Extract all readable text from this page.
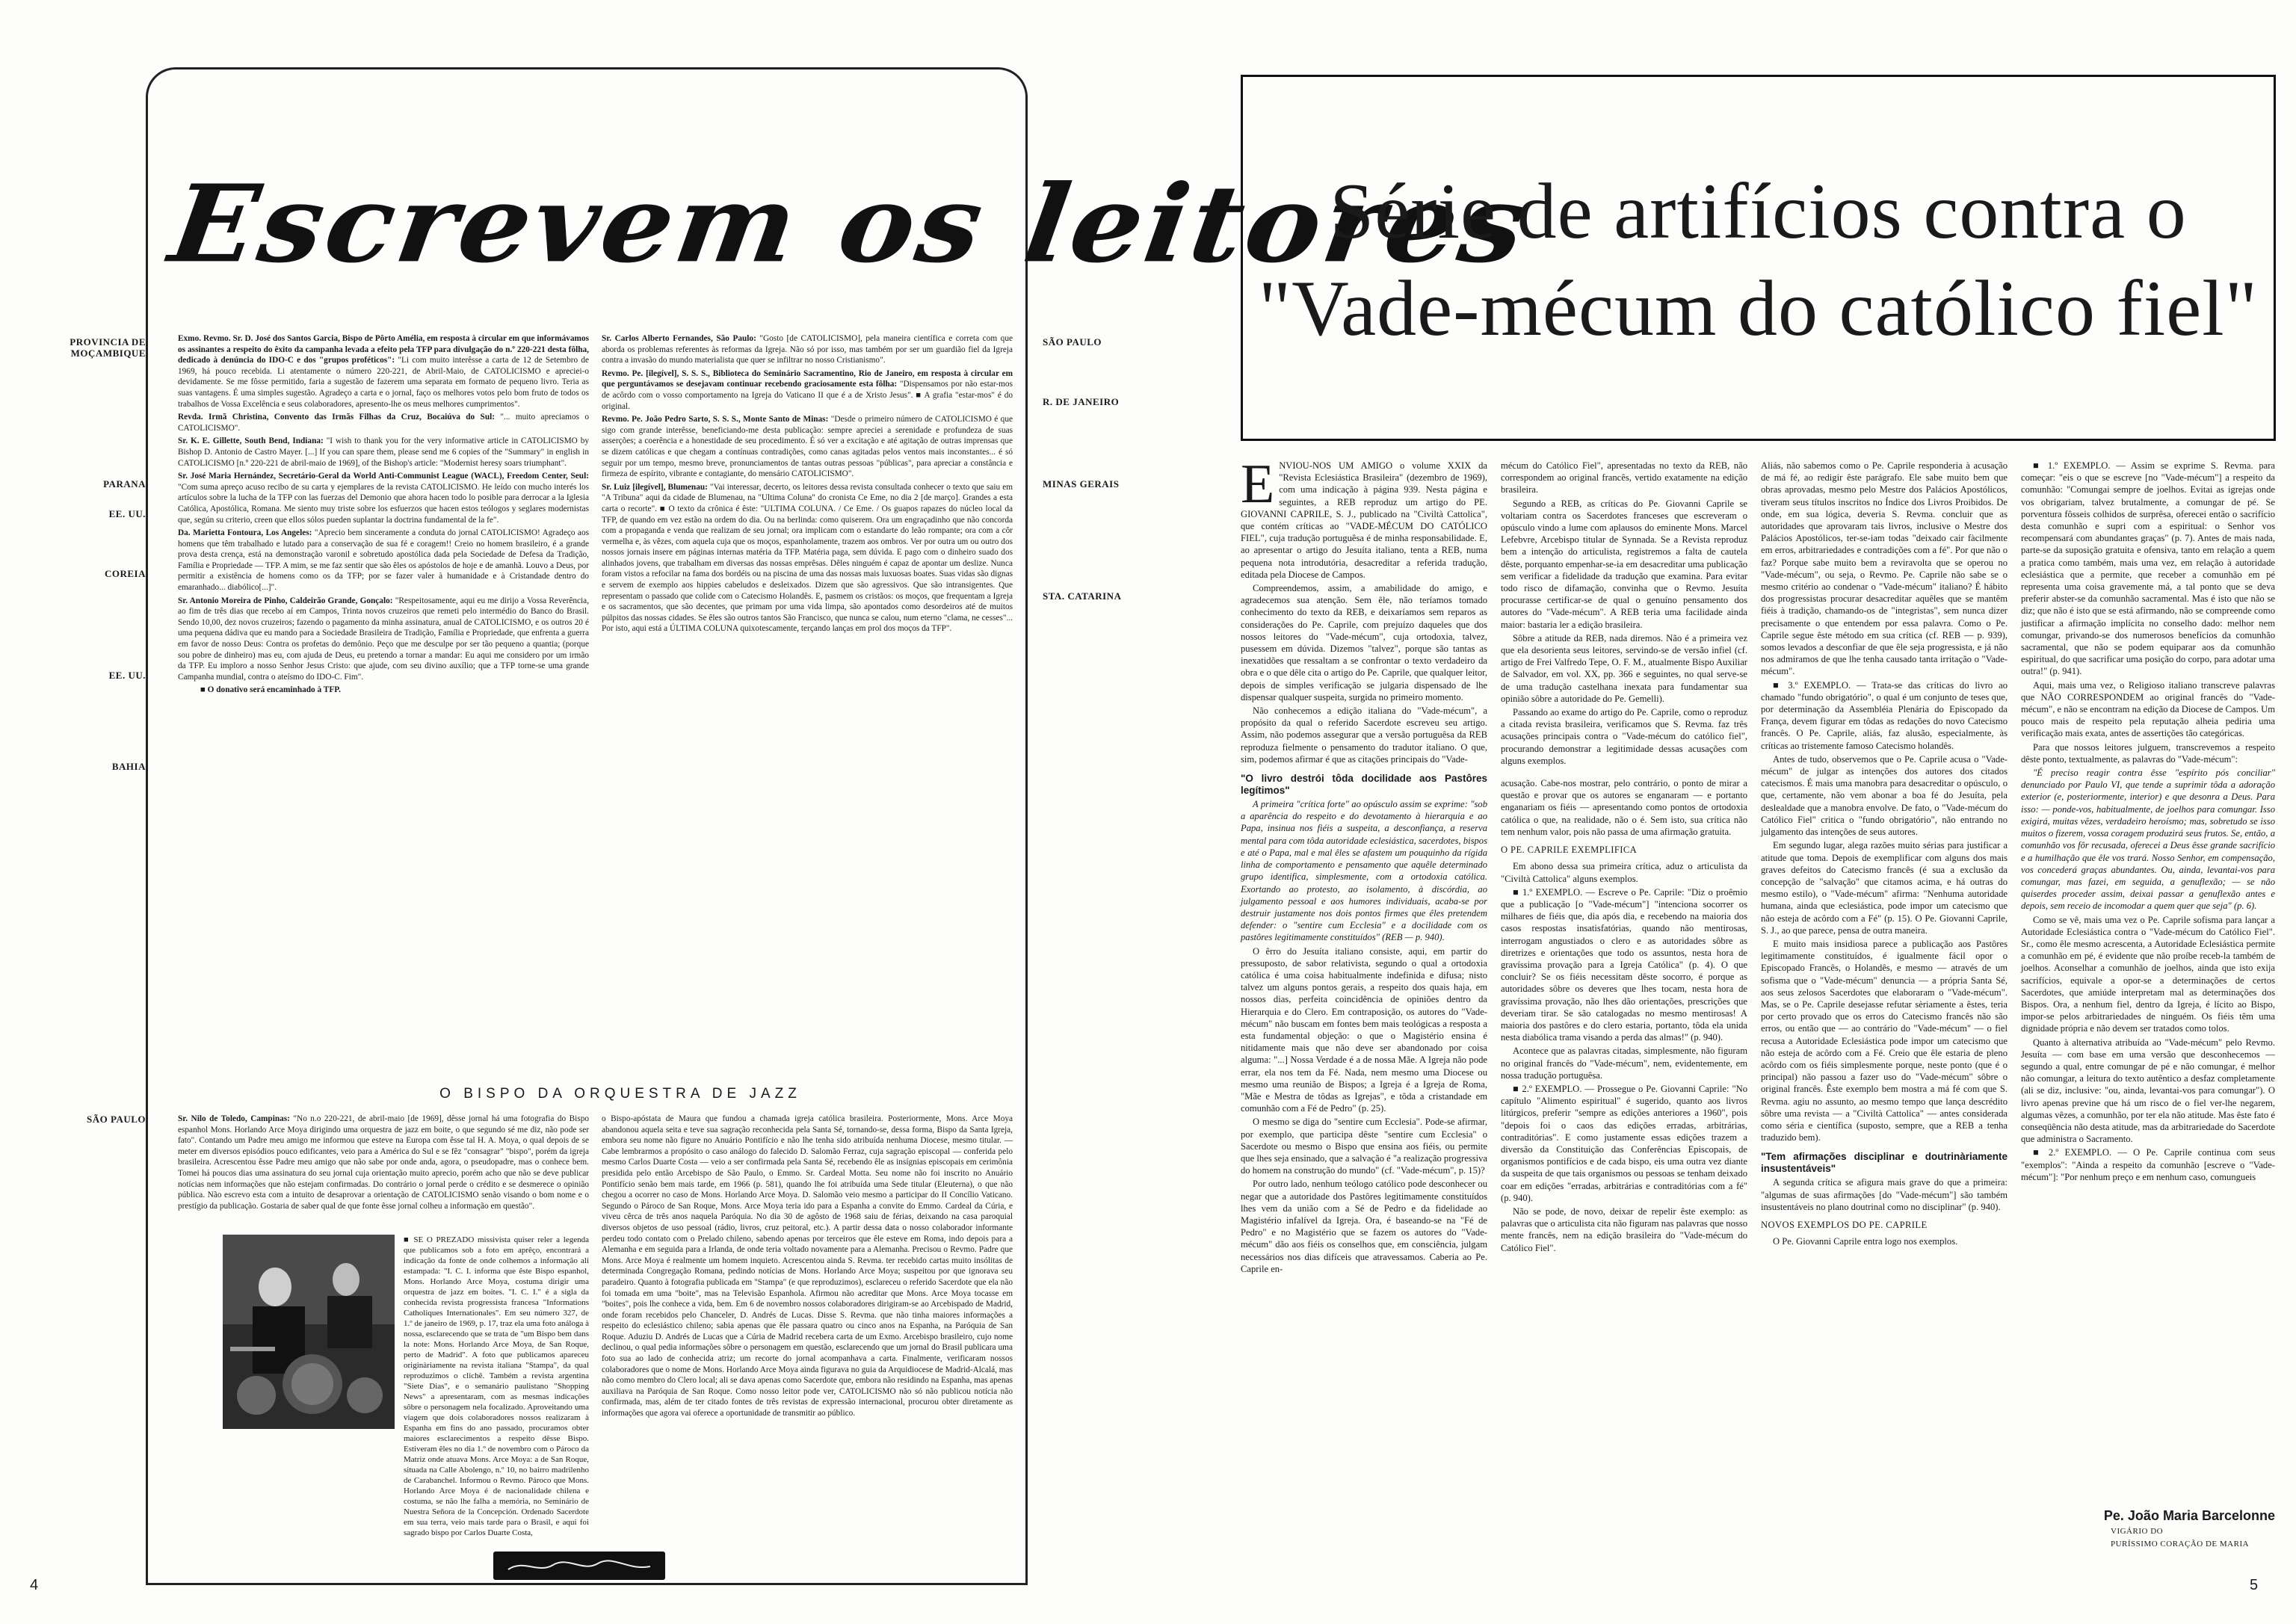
Escrevem os leitores
PROVINCIA DE MOÇAMBIQUE
PARANA
EE. UU.
COREIA
EE. UU.
BAHIA
SÃO PAULO
SÃO PAULO
R. DE JANEIRO
MINAS GERAIS
STA. CATARINA

Exmo. Revmo. Sr. D. José dos Santos Garcia, Bispo de Pôrto Amélia, em resposta à circular em que informávamos os assinantes a respeito do êxito da campanha levada a efeito pela TFP para divulgação do n.º 220-221 desta fôlha, dedicado à denúncia do IDO-C e dos "grupos proféticos": "Li com muito interêsse a carta de 12 de Setembro de 1969, há pouco recebida. Li atentamente o número 220-221, de Abril-Maio, de CATOLICISMO e apreciei-o devidamente. Se me fôsse permitido, faria a sugestão de fazerem uma separata em formato de pequeno livro. Teria as suas vantagens. É uma simples sugestão. Agradeço a carta e o jornal, faço os melhores votos pelo bom fruto de todos os trabalhos de Vossa Excelência e seus colaboradores, apresento-lhe os meus melhores cumprimentos".

Revda. Irmã Christina, Convento das Irmãs Filhas da Cruz, Bocaiúva do Sul: "... muito apreciamos o CATOLICISMO".

Sr. K. E. Gillette, South Bend, Indiana: "I wish to thank you for the very informative article in CATOLICISMO by Bishop D. Antonio de Castro Mayer. [...] If you can spare them, please send me 6 copies of the "Summary" in english in CATOLICISMO [n.º 220-221 de abril-maio de 1969], of the Bishop's article: "Modernist heresy soars triumphant".

Sr. José Maria Hernández, Secretário-Geral da World Anti-Communist League (WACL), Freedom Center, Seul: "Com suma apreço acuso recibo de su carta y ejemplares de la revista CATOLICISMO. He leído con mucho interés los artículos sobre la lucha de la TFP con las fuerzas del Demonio que ahora hacen todo lo posible para derrocar a la Iglesia Católica, Apostólica, Romana. Me siento muy triste sobre los esfuerzos que hacen estos teólogos y seglares modernistas que, según su criterio, creen que ellos sólos pueden suplantar la doctrina fundamental de la fe".

Da. Marietta Fontoura, Los Angeles: "Aprecio bem sinceramente a conduta do jornal CATOLICISMO! Agradeço aos homens que têm trabalhado e lutado para a conservação de sua fé e coragem!! Creio no homem brasileiro, é a grande prova desta crença, está na demonstração varonil e sobretudo apostólica dada pela Sociedade de Defesa da Tradição, Família e Propriedade — TFP. A mim, se me faz sentir que são êles os apóstolos de hoje e de amanhã. Louvo a Deus, por permitir a existência de homens como os da TFP; por se fazer valer à humanidade e à Cristandade dentro do emaranhado... diabólico[...]".

Sr. Antonio Moreira de Pinho, Caldeirão Grande, Gonçalo: "Respeitosamente, aqui eu me dirijo a Vossa Reverência, ao fim de três dias que recebo aí em Campos, Trinta novos cruzeiros que remeti pelo intermédio do Banco do Brasil. Sendo 10,00, dez novos cruzeiros; fazendo o pagamento da minha assinatura, anual de CATOLICISMO, e os outros 20 é uma pequena dádiva que eu mando para a Sociedade Brasileira de Tradição, Família e Propriedade, que enfrenta a guerra em favor de nosso Deus: Contra os profetas do demônio. Peço que me desculpe por ser tão pequeno a quantia; (porque sou pobre de dinheiro) mas eu, com ajuda de Deus, eu pretendo a tornar a mandar: Eu aqui me considero por um irmão da TFP. Eu imploro a nosso Senhor Jesus Cristo: que ajude, com seu divino auxílio; que a TFP torne-se uma grande Campanha mundial, contra o ateísmo do IDO-C. Fim".

■ O donativo será encaminhado à TFP.

Sr. Carlos Alberto Fernandes, São Paulo: "Gosto [de CATOLICISMO], pela maneira científica e correta com que aborda os problemas referentes às reformas da Igreja. Não só por isso, mas também por ser um guardião fiel da Igreja contra a invasão do mundo materialista que quer se infiltrar no nosso Cristianismo".

Revmo. Pe. [ilegível], S. S. S., Biblioteca do Seminário Sacramentino, Rio de Janeiro, em resposta à circular em que perguntávamos se desejavam continuar recebendo graciosamente esta fôlha: "Dispensamos por não estar-mos de acôrdo com o vosso comportamento na Igreja do Vaticano II que é a de Xristo Jesus". ■ A grafia "estar-mos" é do original.

Revmo. Pe. João Pedro Sarto, S. S. S., Monte Santo de Minas: "Desde o primeiro número de CATOLICISMO é que sigo com grande interêsse, beneficiando-me desta publicação: sempre apreciei a serenidade e profundeza de suas asserções; a coerência e a honestidade de seu procedimento. É só ver a excitação e até agitação de outras imprensas que se dizem católicas e que chegam a contínuas contradições, como canas agitadas pelos ventos mais inconstantes... é só seguir por um tempo, mesmo breve, pronunciamentos de tantas outras pessoas "públicas", para apreciar a constância e firmeza de espírito, vibrante e contagiante, do mensário CATOLICISMO".

Sr. Luiz [ilegível], Blumenau: "Vai interessar, decerto, os leitores dessa revista consultada conhecer o texto que saiu em "A Tribuna" aqui da cidade de Blumenau, na "Ultima Coluna" do cronista Ce Eme, no dia 2 [de março]. Grandes a esta carta o recorte". ■ O texto da crônica é êste: "ULTIMA COLUNA. / Ce Eme. / Os guapos rapazes do núcleo local da TFP, de quando em vez estão na ordem do dia. Ou na berlinda: como quiserem. Ora um engraçadinho que não concorda com a propaganda e venda que realizam de seu jornal; ora implicam com o estandarte do leão rompante; ora com a côr vermelha e, às vêzes, com aquela cuja que os moços, espanholamente, trazem aos ombros. Ver por outra um ou outro dos nossos jornais insere em páginas internas matéria da TFP. Matéria paga, sem dúvida. E pago com o dinheiro suado dos alinhados jovens, que trabalham em diversas das nossas emprêsas. Dêles ninguém é capaz de apontar um deslize. Nunca foram vistos a refocilar na fama dos bordéis ou na piscina de uma das nossas mais luxuosas boates. Suas vidas são dignas e servem de exemplo aos hippies cabeludos e desleixados. Dizem que são agressivos. Que são intransigentes. Que representam o passado que colide com o Catecismo Holandês. E, pasmem os cristãos: os moços, que frequentam a Igreja e os sacramentos, que são decentes, que primam por uma vida limpa, são apontados como desordeiros até de muitos púlpitos das nossas cidades. Se êles são outros tantos São Francisco, que nunca se calou, num eterno "clama, ne cesses"... Por isto, aqui está a ÚLTIMA COLUNA quixotescamente, terçando lanças em prol dos moços da TFP".

O BISPO DA ORQUESTRA DE JAZZ

Sr. Nilo de Toledo, Campinas: "No n.o 220-221, de abril-maio [de 1969], dêsse jornal há uma fotografia do Bispo espanhol Mons. Horlando Arce Moya dirigindo uma orquestra de jazz em boite, o que segundo sé me diz, não pode ser fato". Contando um Padre meu amigo me informou que esteve na Europa com êsse tal H. A. Moya, o qual depois de se meter em diversos episódios pouco edificantes, veio para a América do Sul e se fêz "consagrar" "bispo", porém da igreja brasileira. Acrescentou êsse Padre meu amigo que não sabe por onde anda, agora, o pseudopadre, mas o conhece bem. Tomei há poucos dias uma assinatura do seu jornal cuja orientação muito aprecio, porém acho que não se deve publicar notícias nem informações que não estejam confirmadas. Do contrário o jornal perde o crédito e se desmerece o opinião pública. Não escrevo esta com a intuito de desaprovar a orientação de CATOLICISMO senão visando o bom nome e o prestígio da publicação. Gostaria de saber qual de que fonte êsse jornal colheu a informação em questão".

■ SE O PREZADO missivista quiser reler a legenda que publicamos sob a foto em aprêço, encontrará a indicação da fonte de onde colhemos a informação ali estampada: "I. C. I. informa que êste Bispo espanhol, Mons. Horlando Arce Moya, costuma dirigir uma orquestra de jazz em boites. "I. C. I." é a sigla da conhecida revista progressista francesa "Informations Catholiques Internationales". Em seu número 327, de 1.º de janeiro de 1969, p. 17, traz ela uma foto análoga à nossa, esclarecendo que se trata de "um Bispo bem dans la note: Mons. Horlando Arce Moya, de San Roque, perto de Madrid". A foto que publicamos apareceu originàriamente na revista italiana "Stampa", da qual reproduzimos o clichê. Também a revista argentina "Siete Dias", e o semanário paulistano "Shopping News" a apresentaram, com as mesmas indicações sôbre o personagem nela focalizado. Aproveitando uma viagem que dois colaboradores nossos realizaram à Espanha em fins do ano passado, procuramos obter maiores esclarecimentos a respeito dêsse Bispo. Estiveram êles no dia 1.º de novembro com o Pároco da Matriz onde atuava Mons. Arce Moya: a de San Roque, situada na Calle Abolengo, n.º 10, no bairro madrilenho de Carabanchel. Informou o Revmo. Pároco que Mons. Horlando Arce Moya é de nacionalidade chilena e costuma, se não lhe falha a memória, no Seminário de Nuestra Señora de la Concepción. Ordenado Sacerdote em sua terra, veio mais tarde para o Brasil, e aqui foi sagrado bispo por Carlos Duarte Costa,

o Bispo-apóstata de Maura que fundou a chamada igreja católica brasileira. Posteriormente, Mons. Arce Moya abandonou aquela seita e teve sua sagração reconhecida pela Santa Sé, tornando-se, dessa forma, Bispo da Santa Igreja, embora seu nome não figure no Anuário Pontifício e não lhe tenha sido atribuída nenhuma Diocese, mesmo titular. — Cabe lembrarmos a propósito o caso análogo do falecido D. Salomão Ferraz, cuja sagração episcopal — conferida pelo mesmo Carlos Duarte Costa — veio a ser confirmada pela Santa Sé, recebendo êle as insígnias episcopais em cerimônia presidida pelo então Arcebispo de São Paulo, o Emmo. Sr. Cardeal Motta. Seu nome não foi inscrito no Anuário Pontifício senão bem mais tarde, em 1966 (p. 581), quando lhe foi atribuída uma Sede titular (Eleuterna), o que não chegou a ocorrer no caso de Mons. Horlando Arce Moya. D. Salomão veio mesmo a participar do II Concílio Vaticano. Segundo o Pároco de San Roque, Mons. Arce Moya teria ido para a Espanha a convite do Emmo. Cardeal da Cúria, e viveu cêrca de três anos naquela Paróquia. No dia 30 de agôsto de 1968 saiu de férias, deixando na casa paroquial diversos objetos de uso pessoal (rádio, livros, cruz peitoral, etc.). A partir dessa data o nosso colaborador informante perdeu todo contato com o Prelado chileno, sabendo apenas por terceiros que êle esteve em Roma, indo depois para a Alemanha e em seguida para a Irlanda, de onde teria voltado novamente para a Alemanha. Precisou o Revmo. Padre que Mons. Arce Moya é realmente um homem inquieto. Acrescentou ainda S. Revma. ter recebido cartas muito insólitas de determinada Congregação Romana, pedindo notícias de Mons. Horlando Arce Moya; suspeitou por que ignorava seu paradeiro. Quanto à fotografia publicada em "Stampa" (e que reproduzimos), esclareceu o referido Sacerdote que ela não foi tomada em uma "boite", mas na Televisão Espanhola. Afirmou não acreditar que Mons. Arce Moya tocasse em "boites", pois lhe conhece a vida, bem. Em 6 de novembro nossos colaboradores dirigiram-se ao Arcebispado de Madrid, onde foram recebidos pelo Chanceler, D. Andrés de Lucas. Disse S. Revma. que não tinha maiores informações a respeito do eclesiástico chileno; sabia apenas que êle passara quatro ou cinco anos na Espanha, na Paróquia de San Roque. Aduziu D. Andrés de Lucas que a Cúria de Madrid recebera carta de um Exmo. Arcebispo brasileiro, cujo nome declinou, o qual pedia informações sôbre o personagem em questão, esclarecendo que um jornal do Brasil publicara uma foto sua ao lado de conhecida atriz; um recorte do jornal acompanhava a carta. Finalmente, verificaram nossos colaboradores que o nome de Mons. Horlando Arce Moya ainda figurava no guia da Arquidiocese de Madrid-Alcalá, mas não como membro do Clero local; ali se dava apenas como Sacerdote que, embora não residindo na Espanha, mas apenas auxiliava na Paróquia de San Roque. Como nosso leitor pode ver, CATOLICISMO não só não publicou notícia não confirmada, mas, além de ter citado fontes de três revistas de expressão internacional, procurou obter diretamente as informações que agora vai oferece a oportunidade de transmitir ao público.

4
Série de artifícios contra o
"Vade-mécum do católico fiel"

ENVIOU-NOS UM AMIGO o volume XXIX da "Revista Eclesiástica Brasileira" (dezembro de 1969), com uma indicação à página 939. Nesta página e seguintes, a REB reproduz um artigo do PE. GIOVANNI CAPRILE, S. J., publicado na "Civiltà Cattolica", que contém críticas ao "VADE-MÉCUM DO CATÓLICO FIEL", cuja tradução portuguêsa é de minha responsabilidade. E, ao apresentar o artigo do Jesuíta italiano, tenta a REB, numa pequena nota introdutória, desacreditar a referida tradução, editada pela Diocese de Campos.

Compreendemos, assim, a amabilidade do amigo, e agradecemos sua atenção. Sem êle, não teríamos tomado conhecimento do texto da REB, e deixaríamos sem reparos as considerações do Pe. Caprile, com prejuízo daqueles que dos nossos leitores do "Vade-mécum", cuja ortodoxia, talvez, pusessem em dúvida. Dizemos "talvez", porque são tantas as inexatidões que ressaltam a se confrontar o texto verdadeiro da obra e o que dêle cita o artigo do Pe. Caprile, que qualquer leitor, depois de simples verificação se julgaria dispensado de lhe dispensar qualquer suspeita, surgida no primeiro momento.

Não conhecemos a edição italiana do "Vade-mécum", a propósito da qual o referido Sacerdote escreveu seu artigo. Assim, não podemos assegurar que a versão portuguêsa da REB reproduza fielmente o pensamento do tradutor italiano. O que, sim, podemos afirmar é que as citações principais do "Vade-

"O livro destrói tôda docilidade aos Pastôres legítimos"

A primeira "crítica forte" ao opúsculo assim se exprime: "sob a aparência do respeito e do devotamento à hierarquia e ao Papa, insinua nos fiéis a suspeita, a desconfiança, a reserva mental para com tôda autoridade eclesiástica, sacerdotes, bispos e até o Papa, mal e mal êles se afastem um pouquinho da rígida linha de comportamento e pensamento que aquêle determinado grupo identifica, simplesmente, com a ortodoxia católica. Exortando ao protesto, ao isolamento, à discórdia, ao julgamento pessoal e aos humores individuais, acaba-se por destruir justamente nos dois pontos firmes que êles pretendem defender: o "sentire cum Ecclesia" e a docilidade com os pastôres legitimamente constituídos" (REB — p. 940).

O êrro do Jesuíta italiano consiste, aqui, em partir do pressuposto, de sabor relativista, segundo o qual a ortodoxia católica é uma coisa habitualmente indefinida e difusa; nisto talvez um alguns pontos gerais, a respeito dos quais haja, em nossos dias, perfeita coincidência de opiniões dentro da Hierarquia e do Clero. Em contraposição, os autores do "Vade-mécum" não buscam em fontes bem mais teológicas a resposta a esta fundamental objeção: o que o Magistério ensina é nitidamente mais que não deve ser abandonado por coisa alguma: "...] Nossa Verdade é a de nossa Mãe. A Igreja não pode errar, ela nos tem da Fé. Nada, nem mesmo uma Diocese ou mesmo uma reunião de Bispos; a Igreja é a Igreja de Roma, "Mãe e Mestra de tôdas as Igrejas", e tôda a cristandade em comunhão com a Fé de Pedro" (p. 25).

O mesmo se diga do "sentire cum Ecclesia". Pode-se afirmar, por exemplo, que participa dêste "sentire cum Ecclesia" o Sacerdote ou mesmo o Bispo que ensina aos fiéis, ou permite que lhes seja ensinado, que a salvação é "a realização progressiva do homem na construção do mundo" (cf. "Vade-mécum", p. 15)?

Por outro lado, nenhum teólogo católico pode desconhecer ou negar que a autoridade dos Pastôres legitimamente constituídos lhes vem da união com a Sé de Pedro e da fidelidade ao Magistério infalível da Igreja. Ora, é baseando-se na "Fé de Pedro" e no Magistério que se fazem os autores do "Vade-mécum" dão aos fiéis os conselhos que, em consciência, julgam necessários nos dias difíceis que atravessamos. Caberia ao Pe. Caprile en-

mécum do Católico Fiel", apresentadas no texto da REB, não correspondem ao original francês, vertido exatamente na edição brasileira.

Segundo a REB, as críticas do Pe. Giovanni Caprile se voltariam contra os Sacerdotes franceses que escreveram o opúsculo vindo a lume com aplausos do eminente Mons. Marcel Lefebvre, Arcebispo titular de Synnada. Se a Revista reproduz bem a intenção do articulista, registremos a falta de cautela dêste, porquanto empenhar-se-ia em desacreditar uma publicação sem verificar a fidelidade da tradução que examina. Para evitar todo risco de difamação, convinha que o Revmo. Jesuíta procurasse certificar-se de qual o genuíno pensamento dos autores do "Vade-mécum". A REB teria uma facilidade ainda maior: bastaria ler a edição brasileira.

Sôbre a atitude da REB, nada diremos. Não é a primeira vez que ela desorienta seus leitores, servindo-se de versão infiel (cf. artigo de Frei Valfredo Tepe, O. F. M., atualmente Bispo Auxiliar de Salvador, em vol. XX, pp. 366 e seguintes, no qual serve-se de uma tradução castelhana inexata para fundamentar sua opinião sôbre a autoridade do Pe. Gemelli).

Passando ao exame do artigo do Pe. Caprile, como o reproduz a citada revista brasileira, verificamos que S. Revma. faz três acusações principais contra o "Vade-mécum do católico fiel", procurando demonstrar a legitimidade dessas acusações com alguns exemplos.

acusação. Cabe-nos mostrar, pelo contrário, o ponto de mirar a questão e provar que os autores se enganaram — e portanto enganariam os fiéis — apresentando como pontos de ortodoxia católica o que, na realidade, não o é. Sem isto, sua crítica não tem nenhum valor, pois não passa de uma afirmação gratuita.

O PE. CAPRILE EXEMPLIFICA

Em abono dessa sua primeira crítica, aduz o articulista da "Civiltà Cattolica" alguns exemplos.

■ 1.º EXEMPLO. — Escreve o Pe. Caprile: "Diz o proêmio que a publicação [o "Vade-mécum"] "intenciona socorrer os milhares de fiéis que, dia após dia, e recebendo na maioria dos casos respostas insatisfatórias, quando não mentirosas, interrogam angustiados o clero e as autoridades sôbre as diretrizes e orientações que todo os assuntos, nesta hora de gravíssima provação para a Igreja Católica" (p. 4). O que concluir? Se os fiéis necessitam dêste socorro, é porque as autoridades sôbre os deveres que lhes tocam, nesta hora de gravíssima provação, não lhes dão orientações, prescrições que deveriam tirar. Se são catalogadas no mesmo mentirosas! A maioria dos pastôres e do clero estaria, portanto, tôda ela unida nesta diabólica trama visando a perda das almas!" (p. 940).

Acontece que as palavras citadas, simplesmente, não figuram no original francês do "Vade-mécum", nem, evidentemente, em nossa tradução portuguêsa.

■ 2.º EXEMPLO. — Prossegue o Pe. Giovanni Caprile: "No capítulo "Alimento espiritual" é sugerido, quanto aos livros litúrgicos, preferir "sempre as edições anteriores a 1960", pois "depois foi o caos das edições erradas, arbitrárias, contraditórias". E como justamente essas edições trazem a diversão da Constituição das Conferências Episcopais, de organismos pontifícios e de cada bispo, eis uma outra vez diante da suspeita de que tais organismos ou pessoas se tenham deixado coar em edições "erradas, arbitrárias e contraditórias com a fé" (p. 940).

Não se pode, de novo, deixar de repelir êste exemplo: as palavras que o articulista cita não figuram nas palavras que nosso mente francês, nem na edição brasileira do "Vade-mécum do Católico Fiel".

Aliás, não sabemos como o Pe. Caprile responderia à acusação de má fé, ao redigir êste parágrafo. Ele sabe muito bem que obras aprovadas, mesmo pelo Mestre dos Palácios Apostólicos, tiveram seus títulos inscritos no Índice dos Livros Proibidos. De onde, em sua lógica, deveria S. Revma. concluir que as autoridades que aprovaram tais livros, inclusive o Mestre dos Palácios Apostólicos, ter-se-iam todas "deixado cair fàcilmente em erros, arbitrariedades e contradições com a fé". Por que não o faz? Porque sabe muito bem a reviravolta que se operou no "Vade-mécum", ou seja, o Revmo. Pe. Caprile não sabe se o mesmo critério ao condenar o "Vade-mécum" italiano? É hábito dos progressistas procurar desacreditar aquêles que se mantêm fiéis à tradição, chamando-os de "integristas", sem nunca dizer precisamente o que entendem por essa palavra. Como o Pe. Caprile segue êste método em sua crítica (cf. REB — p. 939), somos levados a desconfiar de que êle seja progressista, e já não nos admiramos de que lhe tenha causado tanta irritação o "Vade-mécum".

■ 3.º EXEMPLO. — Trata-se das críticas do livro ao chamado "fundo obrigatório", o qual é um conjunto de teses que, por determinação da Assembléia Plenária do Episcopado da França, devem figurar em tôdas as redações do novo Catecismo francês. O Pe. Caprile, aliás, faz alusão, especialmente, às críticas ao tristemente famoso Catecismo holandês.

Antes de tudo, observemos que o Pe. Caprile acusa o "Vade-mécum" de julgar as intenções dos autores dos citados catecismos. É mais uma manobra para desacreditar o opúsculo, o que, certamente, não vem abonar a boa fé do Jesuíta, pela deslealdade que a manobra envolve. De fato, o "Vade-mécum do Católico Fiel" critica o "fundo obrigatório", não entrando no julgamento das intenções de seus autores.

Em segundo lugar, alega razões muito sérias para justificar a atitude que toma. Depois de exemplificar com alguns dos mais graves defeitos do Catecismo francês (é sua a exclusão da concepção de "salvação" que citamos acima, e há outras do mesmo estilo), o "Vade-mécum" afirma: "Nenhuma autoridade humana, ainda que eclesiástica, pode impor um catecismo que não esteja de acôrdo com a Fé" (p. 15). O Pe. Giovanni Caprile, S. J., ao que parece, pensa de outra maneira.

E muito mais insidiosa parece a publicação aos Pastôres legitimamente constituídos, é igualmente fácil opor o Episcopado Francês, o Holandês, e mesmo — através de um sofisma que o "Vade-mécum" denuncia — a própria Santa Sé, aos seus zelosos Sacerdotes que elaboraram o "Vade-mécum". Mas, se o Pe. Caprile desejasse refutar sèriamente a êstes, teria por certo provado que os erros do Catecismo francês não são erros, ou então que — ao contrário do "Vade-mécum" — o fiel recusa a Autoridade Eclesiástica pode impor um catecismo que não esteja de acôrdo com a Fé. Creio que êle estaria de pleno acôrdo com os fiéis simplesmente porque, neste ponto (que é o principal) não passou a fazer uso do "Vade-mécum" sôbre o original francês. Êste exemplo bem mostra a má fé com que S. Revma. agiu no assunto, ao mesmo tempo que lança descrédito sôbre uma revista — a "Civiltà Cattolica" — antes considerada como séria e científica (suposto, sempre, que a REB a tenha traduzido bem).

"Tem afirmações disciplinar e doutrinàriamente insustentáveis"

A segunda crítica se afigura mais grave do que a primeira: "algumas de suas afirmações [do "Vade-mécum"] são também insustentáveis no plano doutrinal como no disciplinar" (p. 940).

NOVOS EXEMPLOS DO PE. CAPRILE

O Pe. Giovanni Caprile entra logo nos exemplos.

■ 1.º EXEMPLO. — Assim se exprime S. Revma. para começar: "eis o que se escreve [no "Vade-mécum"] a respeito da comunhão: "Comungai sempre de joelhos. Evitai as igrejas onde vos obrigariam, talvez brutalmente, a comungar de pé. Se porventura fôsseis colhidos de surprêsa, oferecei então o sacrifício desta comunhão e supri com a espiritual: o Senhor vos recompensará com abundantes graças" (p. 7). Antes de mais nada, parte-se da suposição gratuita e ofensiva, tanto em relação a quem a pratica como também, mais uma vez, em relação à autoridade eclesiástica que a permite, que receber a comunhão em pé representa uma coisa gravemente má, a tal ponto que se deva preferir abster-se da comunhão sacramental. Mas é isto que não se diz; que não é isto que se está afirmando, não se compreende como justificar a afirmação implícita no conselho dado: melhor nem comungar, privando-se dos numerosos benefícios da comunhão sacramental, que não se podem equiparar aos da comunhão espiritual, do que sacrificar uma posição do corpo, para adotar uma outra!" (p. 941).

Aqui, mais uma vez, o Religioso italiano transcreve palavras que NÃO CORRESPONDEM ao original francês do "Vade-mécum", e não se encontram na edição da Diocese de Campos. Um pouco mais de respeito pela reputação alheia pediria uma verificação mais exata, antes de assertições tão categóricas.

Para que nossos leitores julguem, transcrevemos a respeito dêste ponto, textualmente, as palavras do "Vade-mécum":

"É preciso reagir contra êsse "espírito pós conciliar" denunciado por Paulo VI, que tende a suprimir tôda a adoração exterior (e, posteriormente, interior) e que desonra a Deus. Para isso: — ponde-vos, habitualmente, de joelhos para comungar. Isso exigirá, muitas vêzes, verdadeiro heroísmo; mas, sobretudo se isso muitos o fizerem, vossa coragem produzirá seus frutos. Se, então, a comunhão vos fôr recusada, oferecei a Deus êsse grande sacrifício e a humilhação que êle vos trará. Nosso Senhor, em compensação, vos concederá graças abundantes. Ou, ainda, levantai-vos para comungar, mas fazei, em seguida, a genuflexão; — se não quiserdes proceder assim, deixai passar a genuflexão antes e depois, sem receio de incomodar a quem quer que seja" (p. 6).

Como se vê, mais uma vez o Pe. Caprile sofisma para lançar a Autoridade Eclesiástica contra o "Vade-mécum do Católico Fiel". Sr., como êle mesmo acrescenta, a Autoridade Eclesiástica permite a comunhão em pé, é evidente que não proíbe receb-la também de joelhos. Aconselhar a comunhão de joelhos, ainda que isto exija sacrifícios, equivale a opor-se a determinações de certos Sacerdotes, que amiúde interpretam mal as determinações dos Bispos. Ora, a nenhum fiel, dentro da Igreja, é lícito ao Bispo, impor-se pelos arbitrariedades de ninguém. Os fiéis têm uma dignidade própria e não devem ser tratados como tolos.

Quanto à alternativa atribuída ao "Vade-mécum" pelo Revmo. Jesuíta — com base em uma versão que desconhecemos — segundo a qual, entre comungar de pé e não comungar, é melhor não comungar, a leitura do texto autêntico a desfaz completamente (ali se diz, inclusive: "ou, ainda, levantai-vos para comungar"). O livro apenas previne que há um risco de o fiel ver-lhe negarem, algumas vêzes, a comunhão, por ter ela não atitude. Mas êste fato é conseqüência não desta atitude, mas da arbitrariedade do Sacerdote que administra o Sacramento.

■ 2.º EXEMPLO. — O Pe. Caprile continua com seus "exemplos": "Ainda a respeito da comunhão [escreve o "Vade-mécum"]: "Por nenhum preço e em nenhum caso, comungueis

Pe. João Maria Barcelonne
VIGÁRIO DO
PURÍSSIMO CORAÇÃO DE MARIA
5
